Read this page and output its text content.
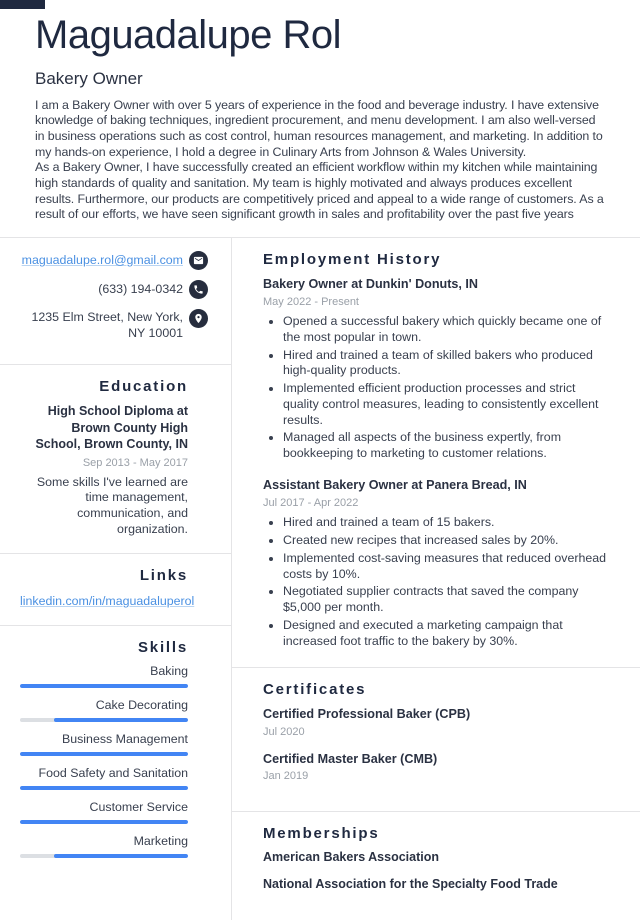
Maguadalupe Rol
Bakery Owner

I am a Bakery Owner with over 5 years of experience in the food and beverage industry. I have extensive knowledge of baking techniques, ingredient procurement, and menu development. I am also well-versed in business operations such as cost control, human resources management, and marketing. In addition to my hands-on experience, I hold a degree in Culinary Arts from Johnson & Wales University.

As a Bakery Owner, I have successfully created an efficient workflow within my kitchen while maintaining high standards of quality and sanitation. My team is highly motivated and always produces excellent results. Furthermore, our products are competitively priced and appeal to a wide range of customers. As a result of our efforts, we have seen significant growth in sales and profitability over the past five years

maguadalupe.rol@gmail.com
(633) 194-0342
1235 Elm Street, New York, NY 10001
Education
High School Diploma at Brown County High School, Brown County, IN
Sep 2013 - May 2017
Some skills I've learned are time management, communication, and organization.
Links
linkedin.com/in/maguadaluperol
Skills
Baking
Cake Decorating
Business Management
Food Safety and Sanitation
Customer Service
Marketing
Employment History
Bakery Owner at Dunkin' Donuts, IN
May 2022 - Present
• Opened a successful bakery which quickly became one of the most popular in town.
• Hired and trained a team of skilled bakers who produced high-quality products.
• Implemented efficient production processes and strict quality control measures, leading to consistently excellent results.
• Managed all aspects of the business expertly, from bookkeeping to marketing to customer relations.
Assistant Bakery Owner at Panera Bread, IN
Jul 2017 - Apr 2022
• Hired and trained a team of 15 bakers.
• Created new recipes that increased sales by 20%.
• Implemented cost-saving measures that reduced overhead costs by 10%.
• Negotiated supplier contracts that saved the company $5,000 per month.
• Designed and executed a marketing campaign that increased foot traffic to the bakery by 30%.
Certificates
Certified Professional Baker (CPB)
Jul 2020
Certified Master Baker (CMB)
Jan 2019
Memberships
American Bakers Association
National Association for the Specialty Food Trade
